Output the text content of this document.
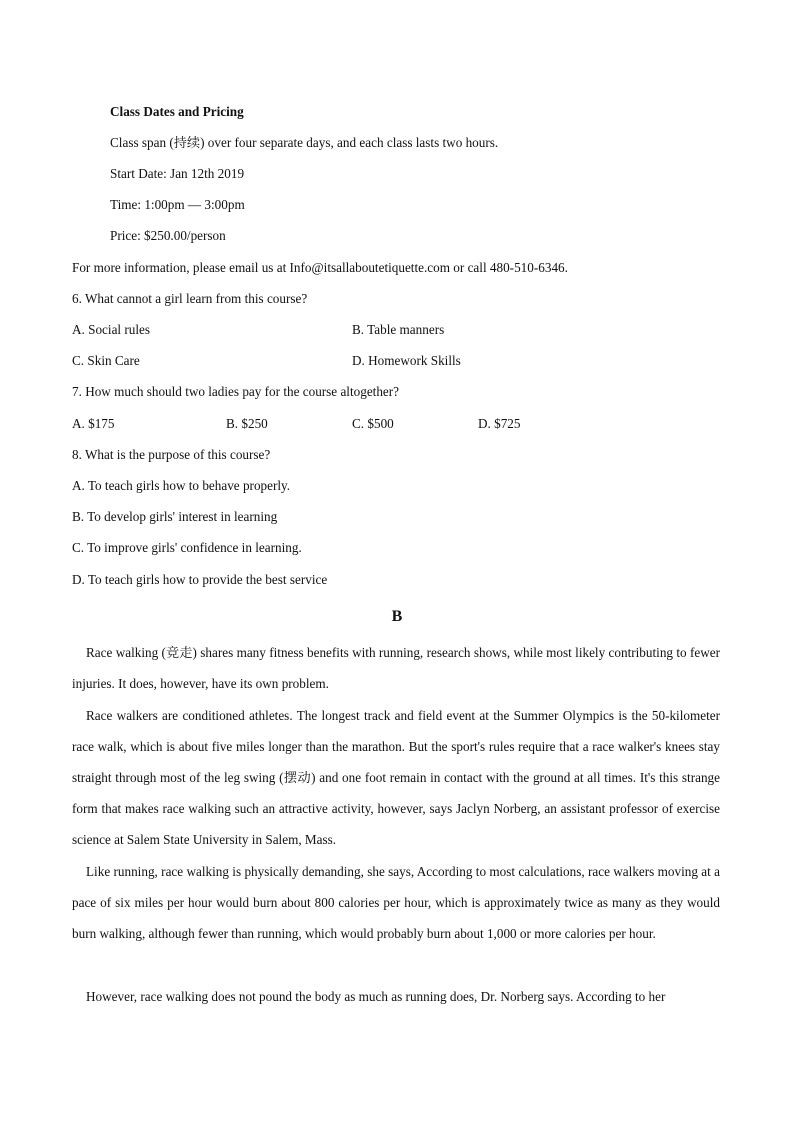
Class Dates and Pricing
Class span (持续) over four separate days, and each class lasts two hours.
Start Date: Jan 12th 2019
Time: 1:00pm — 3:00pm
Price: $250.00/person
For more information, please email us at Info@itsallaboutetiquette.com or call 480-510-6346.
6. What cannot a girl learn from this course?
A. Social rules	B. Table manners
C. Skin Care	D. Homework Skills
7. How much should two ladies pay for the course altogether?
A. $175	B. $250	C. $500	D. $725
8. What is the purpose of this course?
A. To teach girls how to behave properly.
B. To develop girls' interest in learning
C. To improve girls' confidence in learning.
D. To teach girls how to provide the best service
B
Race walking (竞走) shares many fitness benefits with running, research shows, while most likely contributing to fewer injuries. It does, however, have its own problem.
Race walkers are conditioned athletes. The longest track and field event at the Summer Olympics is the 50-kilometer race walk, which is about five miles longer than the marathon. But the sport's rules require that a race walker's knees stay straight through most of the leg swing (摆动) and one foot remain in contact with the ground at all times. It's this strange form that makes race walking such an attractive activity, however, says Jaclyn Norberg, an assistant professor of exercise science at Salem State University in Salem, Mass.
Like running, race walking is physically demanding, she says, According to most calculations, race walkers moving at a pace of six miles per hour would burn about 800 calories per hour, which is approximately twice as many as they would burn walking, although fewer than running, which would probably burn about 1,000 or more calories per hour.
However, race walking does not pound the body as much as running does, Dr. Norberg says. According to her
